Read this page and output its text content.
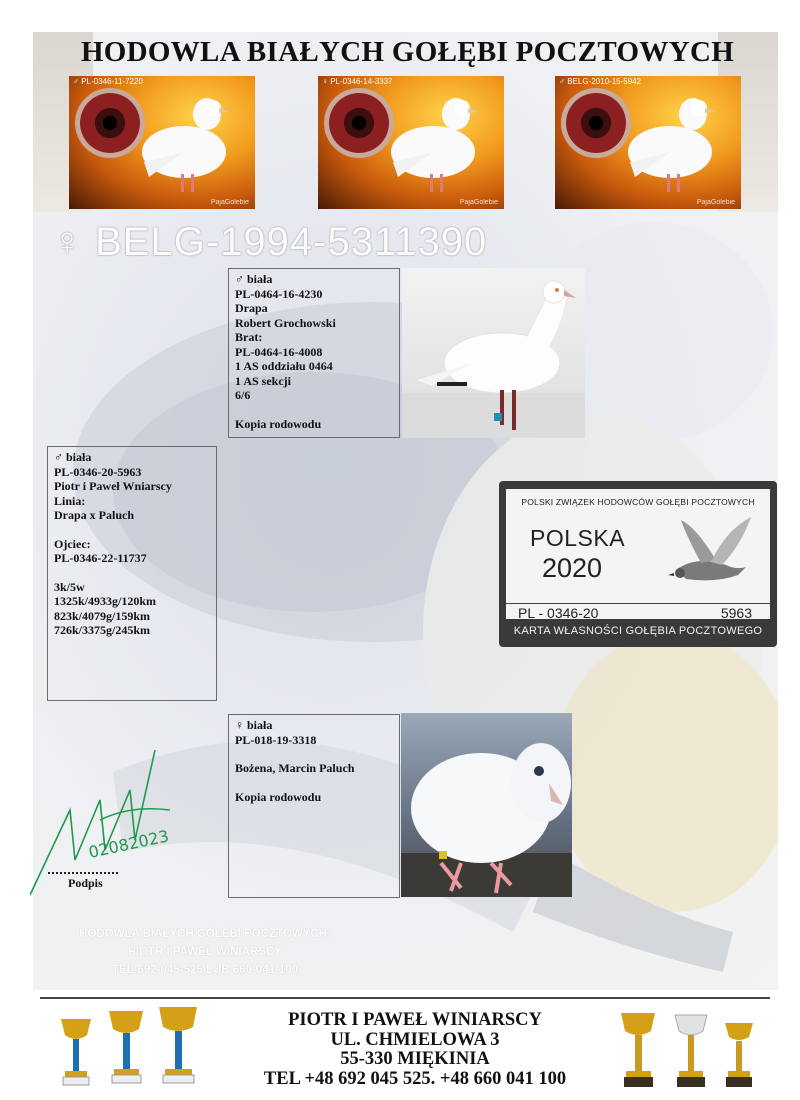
HODOWLA BIAŁYCH GOŁĘBI POCZTOWYCH
♂ PL-0346-11-7220
PajaGolebie
♀ PL-0346-14-3337
PajaGolebie
♂ BELG-2010-15-5942
PajaGolebie
♀ BELG-1994-5311390
♂ biała
PL-0464-16-4230
Drapa
Robert Grochowski
Brat:
PL-0464-16-4008
1 AS oddziału 0464
1 AS sekcji
6/6
Kopia rodowodu
♂ biała
PL-0346-20-5963
Piotr i Paweł Wniarscy
Linia:
Drapa x Paluch
Ojciec:
PL-0346-22-11737
3k/5w
1325k/4933g/120km
823k/4079g/159km
726k/3375g/245km
POLSKI ZWIĄZEK HODOWCÓW GOŁĘBI POCZTOWYCH
POLSKA
2020
PL - 0346-20	5963
KARTA WŁASNOŚCI GOŁĘBIA POCZTOWEGO
♀ biała
PL-018-19-3318
Bożena, Marcin Paluch
Kopia rodowodu
02082023
Podpis
HODOWLA BIAŁYCH GOŁĘBI POCZTOWYCH:
PIOTR I PAWEŁ WINIARSCY
TEL:692-045-525 LUB 660-041-100
PIOTR I PAWEŁ WINIARSCY
UL. CHMIELOWA 3
55-330 MIĘKINIA
TEL +48 692 045 525. +48 660 041 100
